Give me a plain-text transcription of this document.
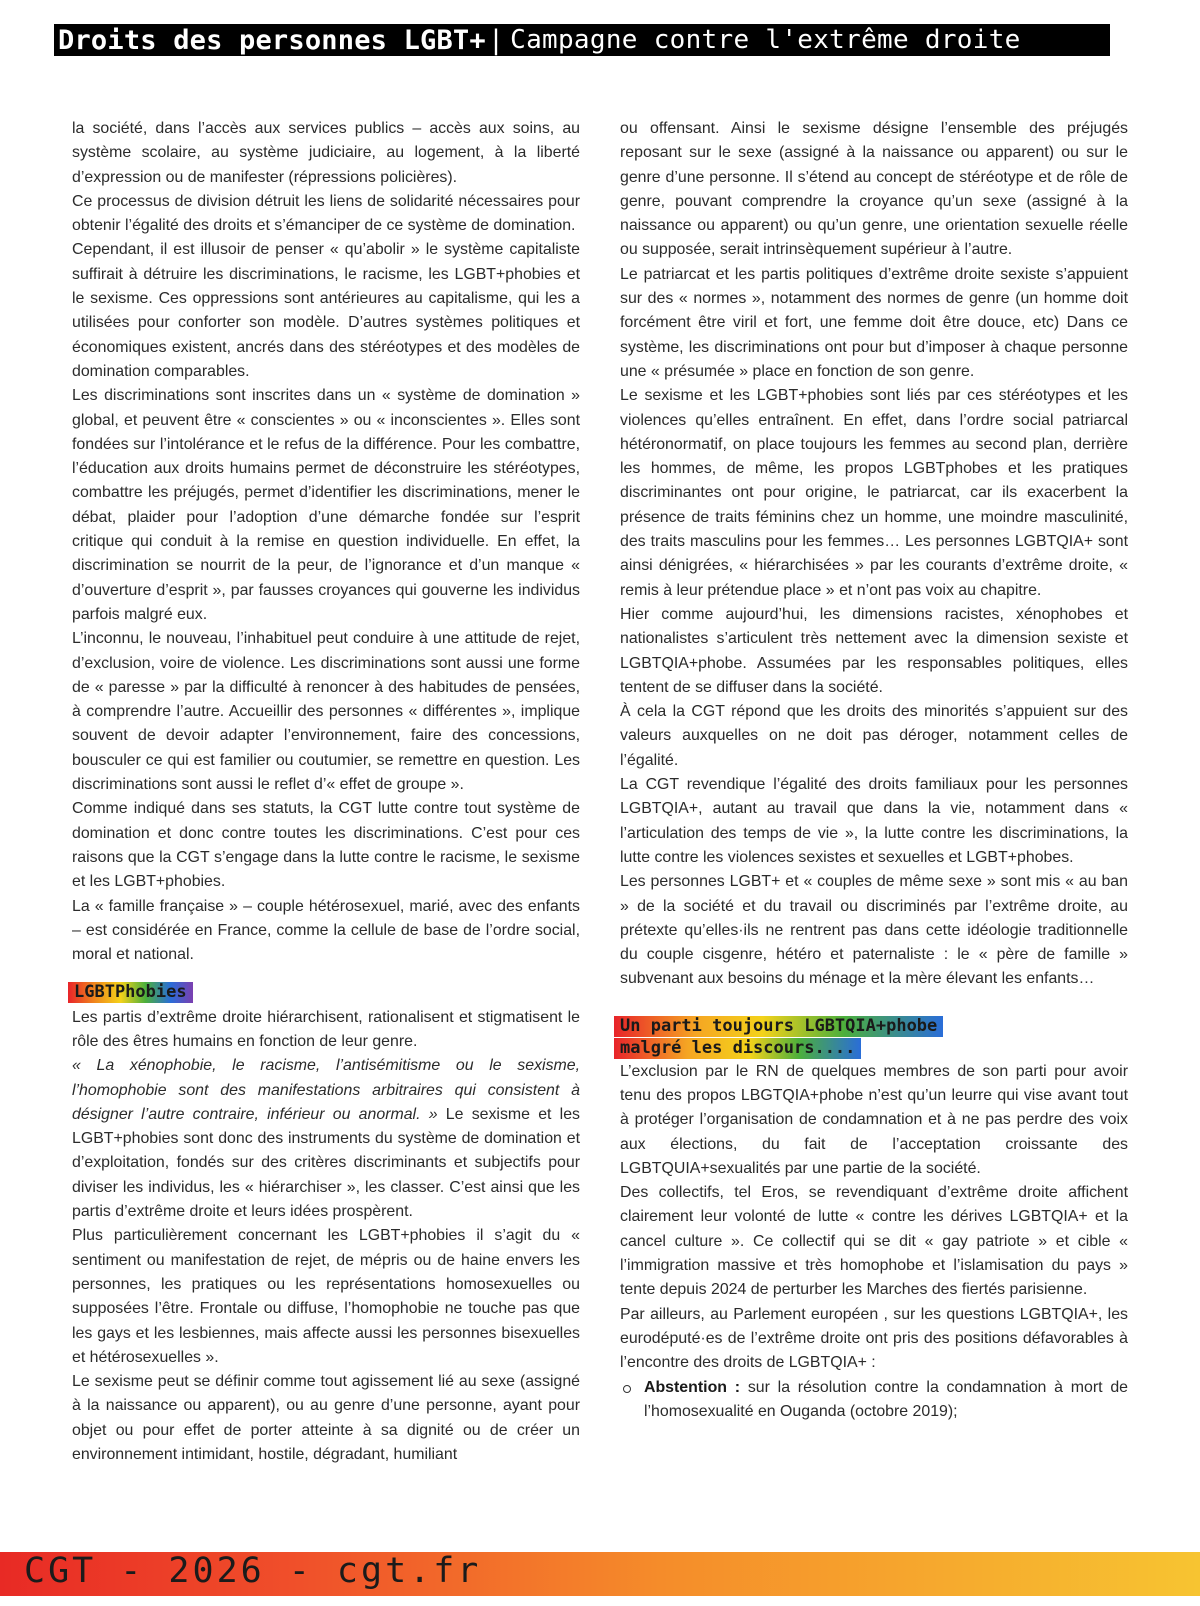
Droits des personnes LGBT+ | Campagne contre l'extrême droite

la société, dans l’accès aux services publics – accès aux soins, au système scolaire, au système judiciaire, au logement, à la liberté d’expression ou de manifester (répressions policières).

Ce processus de division détruit les liens de solidarité nécessaires pour obtenir l’égalité des droits et s’émanciper de ce système de domination.

Cependant, il est illusoir de penser « qu’abolir » le système capitaliste suffirait à détruire les discriminations, le racisme, les LGBT+phobies et le sexisme. Ces oppressions sont antérieures au capitalisme, qui les a utilisées pour conforter son modèle. D’autres systèmes politiques et économiques existent, ancrés dans des stéréotypes et des modèles de domination comparables.

Les discriminations sont inscrites dans un « système de domination » global, et peuvent être « conscientes » ou « inconscientes ». Elles sont fondées sur l’intolérance et le refus de la différence. Pour les combattre, l’éducation aux droits humains permet de déconstruire les stéréotypes, combattre les préjugés, permet d’identifier les discriminations, mener le débat, plaider pour l’adoption d’une démarche fondée sur l’esprit critique qui conduit à la remise en question individuelle. En effet, la discrimination se nourrit de la peur, de l’ignorance et d’un manque « d’ouverture d’esprit », par fausses croyances qui gouverne les individus parfois malgré eux.

L’inconnu, le nouveau, l’inhabituel peut conduire à une attitude de rejet, d’exclusion, voire de violence. Les discriminations sont aussi une forme de « paresse » par la difficulté à renoncer à des habitudes de pensées, à comprendre l’autre. Accueillir des personnes « différentes », implique souvent de devoir adapter l’environnement, faire des concessions, bousculer ce qui est familier ou coutumier, se remettre en question. Les discriminations sont aussi le reflet d’« effet de groupe ».

Comme indiqué dans ses statuts, la CGT lutte contre tout système de domination et donc contre toutes les discriminations. C’est pour ces raisons que la CGT s’engage dans la lutte contre le racisme, le sexisme et les LGBT+phobies.

La « famille française » – couple hétérosexuel, marié, avec des enfants – est considérée en France, comme la cellule de base de l’ordre social, moral et national.

LGBTPhobies

Les partis d’extrême droite hiérarchisent, rationalisent et stigmatisent le rôle des êtres humains en fonction de leur genre.

« La xénophobie, le racisme, l’antisémitisme ou le sexisme, l’homophobie sont des manifestations arbitraires qui consistent à désigner l’autre contraire, inférieur ou anormal. » Le sexisme et les LGBT+phobies sont donc des instruments du système de domination et d’exploitation, fondés sur des critères discriminants et subjectifs pour diviser les individus, les « hiérarchiser », les classer. C’est ainsi que les partis d’extrême droite et leurs idées prospèrent.

Plus particulièrement concernant les LGBT+phobies il s’agit du « sentiment ou manifestation de rejet, de mépris ou de haine envers les personnes, les pratiques ou les représentations homosexuelles ou supposées l’être. Frontale ou diffuse, l’homophobie ne touche pas que les gays et les lesbiennes, mais affecte aussi les personnes bisexuelles et hétérosexuelles ».

Le sexisme peut se définir comme tout agissement lié au sexe (assigné à la naissance ou apparent), ou au genre d’une personne, ayant pour objet ou pour effet de porter atteinte à sa dignité ou de créer un environnement intimidant, hostile, dégradant, humiliant

ou offensant. Ainsi le sexisme désigne l’ensemble des préjugés reposant sur le sexe (assigné à la naissance ou apparent) ou sur le genre d’une personne. Il s’étend au concept de stéréotype et de rôle de genre, pouvant comprendre la croyance qu’un sexe (assigné à la naissance ou apparent) ou qu’un genre, une orientation sexuelle réelle ou supposée, serait intrinsèquement supérieur à l’autre.

Le patriarcat et les partis politiques d’extrême droite sexiste s’appuient sur des « normes », notamment des normes de genre (un homme doit forcément être viril et fort, une femme doit être douce, etc) Dans ce système, les discriminations ont pour but d’imposer à chaque personne une « présumée » place en fonction de son genre.

Le sexisme et les LGBT+phobies sont liés par ces stéréotypes et les violences qu’elles entraînent. En effet, dans l’ordre social patriarcal hétéronormatif, on place toujours les femmes au second plan, derrière les hommes, de même, les propos LGBTphobes et les pratiques discriminantes ont pour origine, le patriarcat, car ils exacerbent la présence de traits féminins chez un homme, une moindre masculinité, des traits masculins pour les femmes… Les personnes LGBTQIA+ sont ainsi dénigrées, « hiérarchisées » par les courants d’extrême droite, « remis à leur prétendue place » et n’ont pas voix au chapitre.

Hier comme aujourd’hui, les dimensions racistes, xénophobes et nationalistes s’articulent très nettement avec la dimension sexiste et LGBTQIA+phobe. Assumées par les responsables politiques, elles tentent de se diffuser dans la société.

À cela la CGT répond que les droits des minorités s’appuient sur des valeurs auxquelles on ne doit pas déroger, notamment celles de l’égalité.

La CGT revendique l’égalité des droits familiaux pour les personnes LGBTQIA+, autant au travail que dans la vie, notamment dans « l’articulation des temps de vie », la lutte contre les discriminations, la lutte contre les violences sexistes et sexuelles et LGBT+phobes.

Les personnes LGBT+ et « couples de même sexe » sont mis « au ban » de la société et du travail ou discriminés par l’extrême droite, au prétexte qu’elles·ils ne rentrent pas dans cette idéologie traditionnelle du couple cisgenre, hétéro et paternaliste : le « père de famille » subvenant aux besoins du ménage et la mère élevant les enfants…

Un parti toujours LGBTQIA+phobe
malgré les discours....

L’exclusion par le RN de quelques membres de son parti pour avoir tenu des propos LBGTQIA+phobe n’est qu’un leurre qui vise avant tout à protéger l’organisation de condamnation et à ne pas perdre des voix aux élections, du fait de l’acceptation croissante des LGBTQUIA+sexualités par une partie de la société.

Des collectifs, tel Eros, se revendiquant d’extrême droite affichent clairement leur volonté de lutte « contre les dérives LGBTQIA+ et la cancel culture ». Ce collectif qui se dit « gay patriote » et cible « l’immigration massive et très homophobe et l’islamisation du pays » tente depuis 2024 de perturber les Marches des fiertés parisienne.

Par ailleurs, au Parlement européen , sur les questions LGBTQIA+, les eurodéputé·es de l’extrême droite ont pris des positions défavorables à l’encontre des droits de LGBTQIA+ :

Abstention : sur la résolution contre la condamnation à mort de l’homosexualité en Ouganda (octobre 2019);
CGT - 2026 - cgt.fr
